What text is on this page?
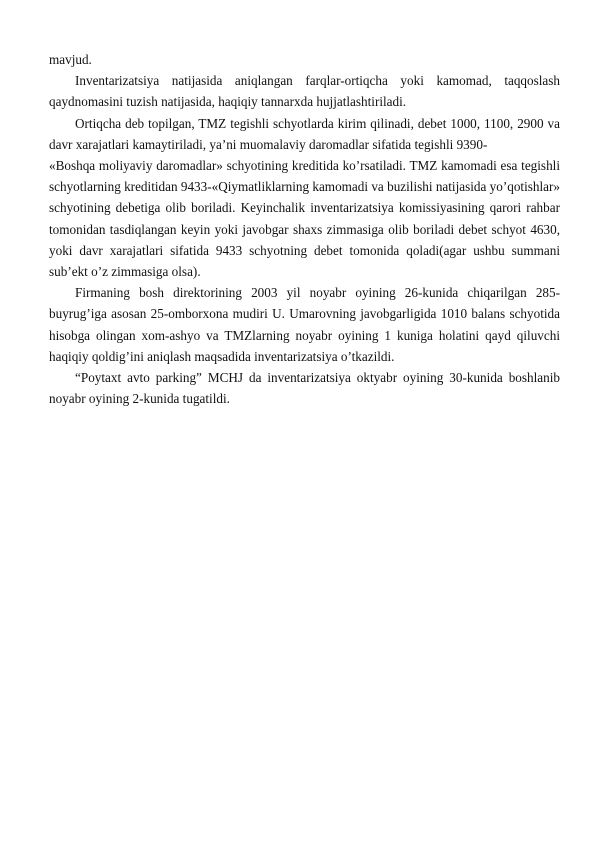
mavjud.

Inventarizatsiya natijasida aniqlangan farqlar-ortiqcha yoki kamomad, taqqoslash qaydnomasini tuzish natijasida, haqiqiy tannarxda hujjatlashtiriladi.

Ortiqcha deb topilgan, TMZ tegishli schyotlarda kirim qilinadi, debet 1000, 1100, 2900 va davr xarajatlari kamaytiriladi, ya’ni muomalaviy daromadlar sifatida tegishli 9390-

«Boshqa moliyaviy daromadlar» schyotining kreditida ko’rsatiladi. TMZ kamomadi esa tegishli schyotlarning kreditidan 9433-«Qiymatliklarning kamomadi va buzilishi natijasida yo’qotishlar» schyotining debetiga olib boriladi. Keyinchalik inventarizatsiya komissiyasining qarori rahbar tomonidan tasdiqlangan keyin yoki javobgar shaxs zimmasiga olib boriladi debet schyot 4630, yoki davr xarajatlari sifatida 9433 schyotning debet tomonida qoladi(agar ushbu summani sub’ekt o’z zimmasiga olsa).

Firmaning bosh direktorining 2003 yil noyabr oyining 26-kunida chiqarilgan 285-buyrug’iga asosan 25-omborxona mudiri U. Umarovning javobgarligida 1010 balans schyotida hisobga olingan xom-ashyo va TMZlarning noyabr oyining 1 kuniga holatini qayd qiluvchi haqiqiy qoldig’ini aniqlash maqsadida inventarizatsiya o’tkazildi.

“Poytaxt avto parking” MCHJ da inventarizatsiya oktyabr oyining 30-kunida boshlanib noyabr oyining 2-kunida tugatildi.
